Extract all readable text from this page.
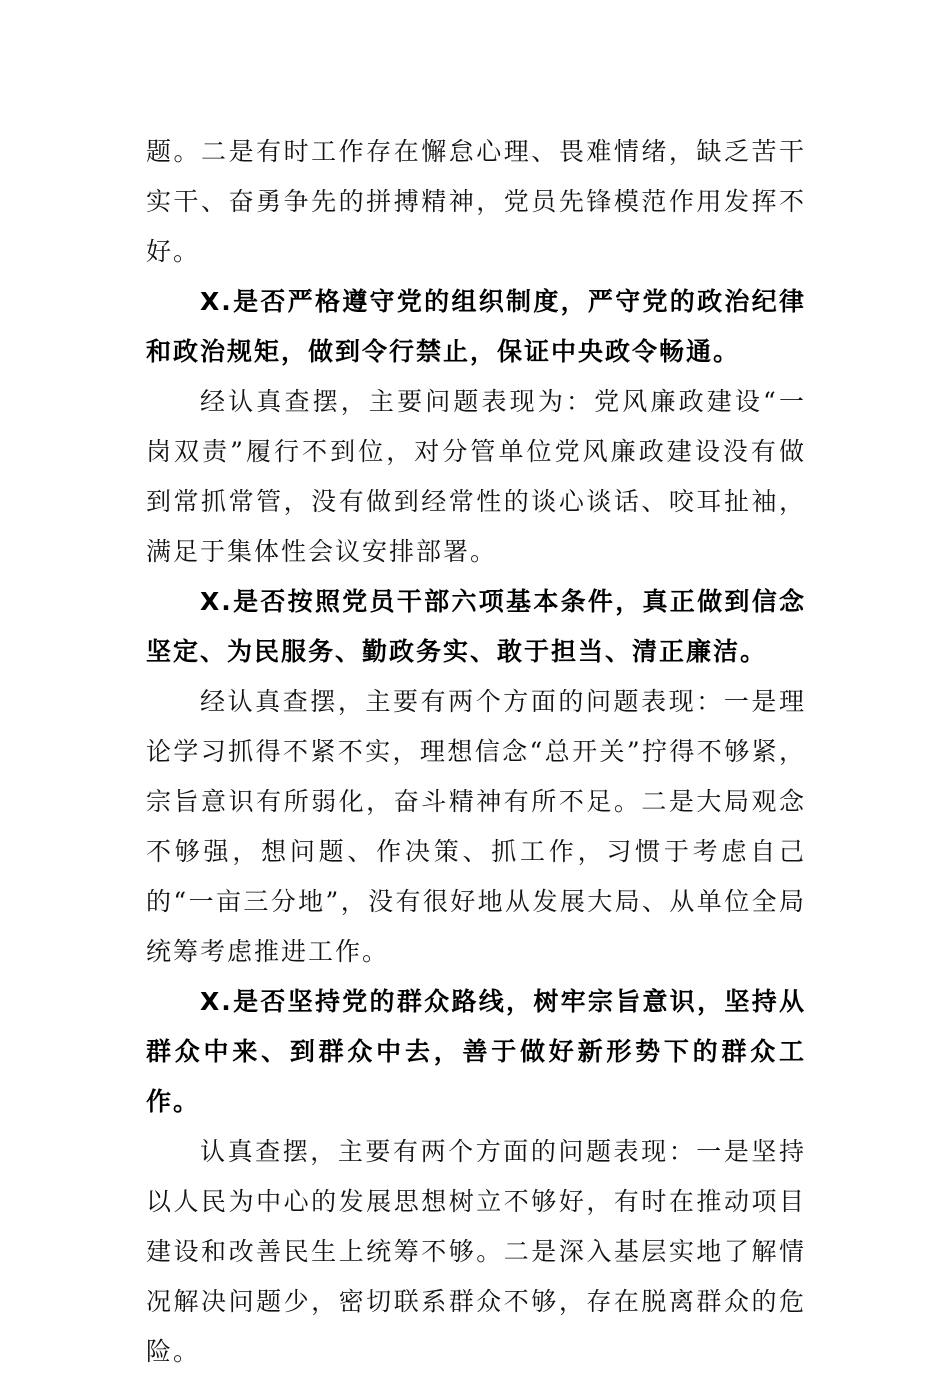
题。二是有时工作存在懈怠心理、畏难情绪，缺乏苦干实干、奋勇争先的拼搏精神，党员先锋模范作用发挥不好。

X.是否严格遵守党的组织制度，严守党的政治纪律和政治规矩，做到令行禁止，保证中央政令畅通。

经认真查摆，主要问题表现为：党风廉政建设“一岗双责”履行不到位，对分管单位党风廉政建设没有做到常抓常管，没有做到经常性的谈心谈话、咬耳扯袖，满足于集体性会议安排部署。

X.是否按照党员干部六项基本条件，真正做到信念坚定、为民服务、勤政务实、敢于担当、清正廉洁。

经认真查摆，主要有两个方面的问题表现：一是理论学习抓得不紧不实，理想信念“总开关”拧得不够紧，宗旨意识有所弱化，奋斗精神有所不足。二是大局观念不够强，想问题、作决策、抓工作，习惯于考虑自己的“一亩三分地”，没有很好地从发展大局、从单位全局统筹考虑推进工作。

X.是否坚持党的群众路线，树牢宗旨意识，坚持从群众中来、到群众中去，善于做好新形势下的群众工作。

认真查摆，主要有两个方面的问题表现：一是坚持以人民为中心的发展思想树立不够好，有时在推动项目建设和改善民生上统筹不够。二是深入基层实地了解情况解决问题少，密切联系群众不够，存在脱离群众的危险。
